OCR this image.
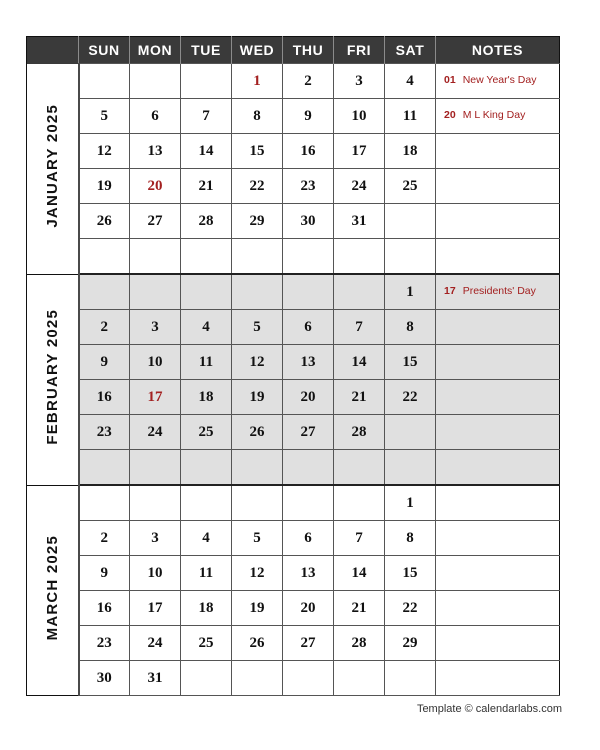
	SUN	MON	TUE	WED	THU	FRI	SAT	NOTES
JANUARY 2025				1	2	3	4	01 New Year's Day

	5	6	7	8	9	10	11	20 M L King Day

	12	13	14	15	16	17	18	

	19	20	21	22	23	24	25	

	26	27	28	29	30	31		

FEBRUARY 2025							1	17 Presidents' Day

	2	3	4	5	6	7	8	

	9	10	11	12	13	14	15	

	16	17	18	19	20	21	22	

	23	24	25	26	27	28		

MARCH 2025							1	

	2	3	4	5	6	7	8	

	9	10	11	12	13	14	15	

	16	17	18	19	20	21	22	

	23	24	25	26	27	28	29	

	30	31						
Template © calendarlabs.com
